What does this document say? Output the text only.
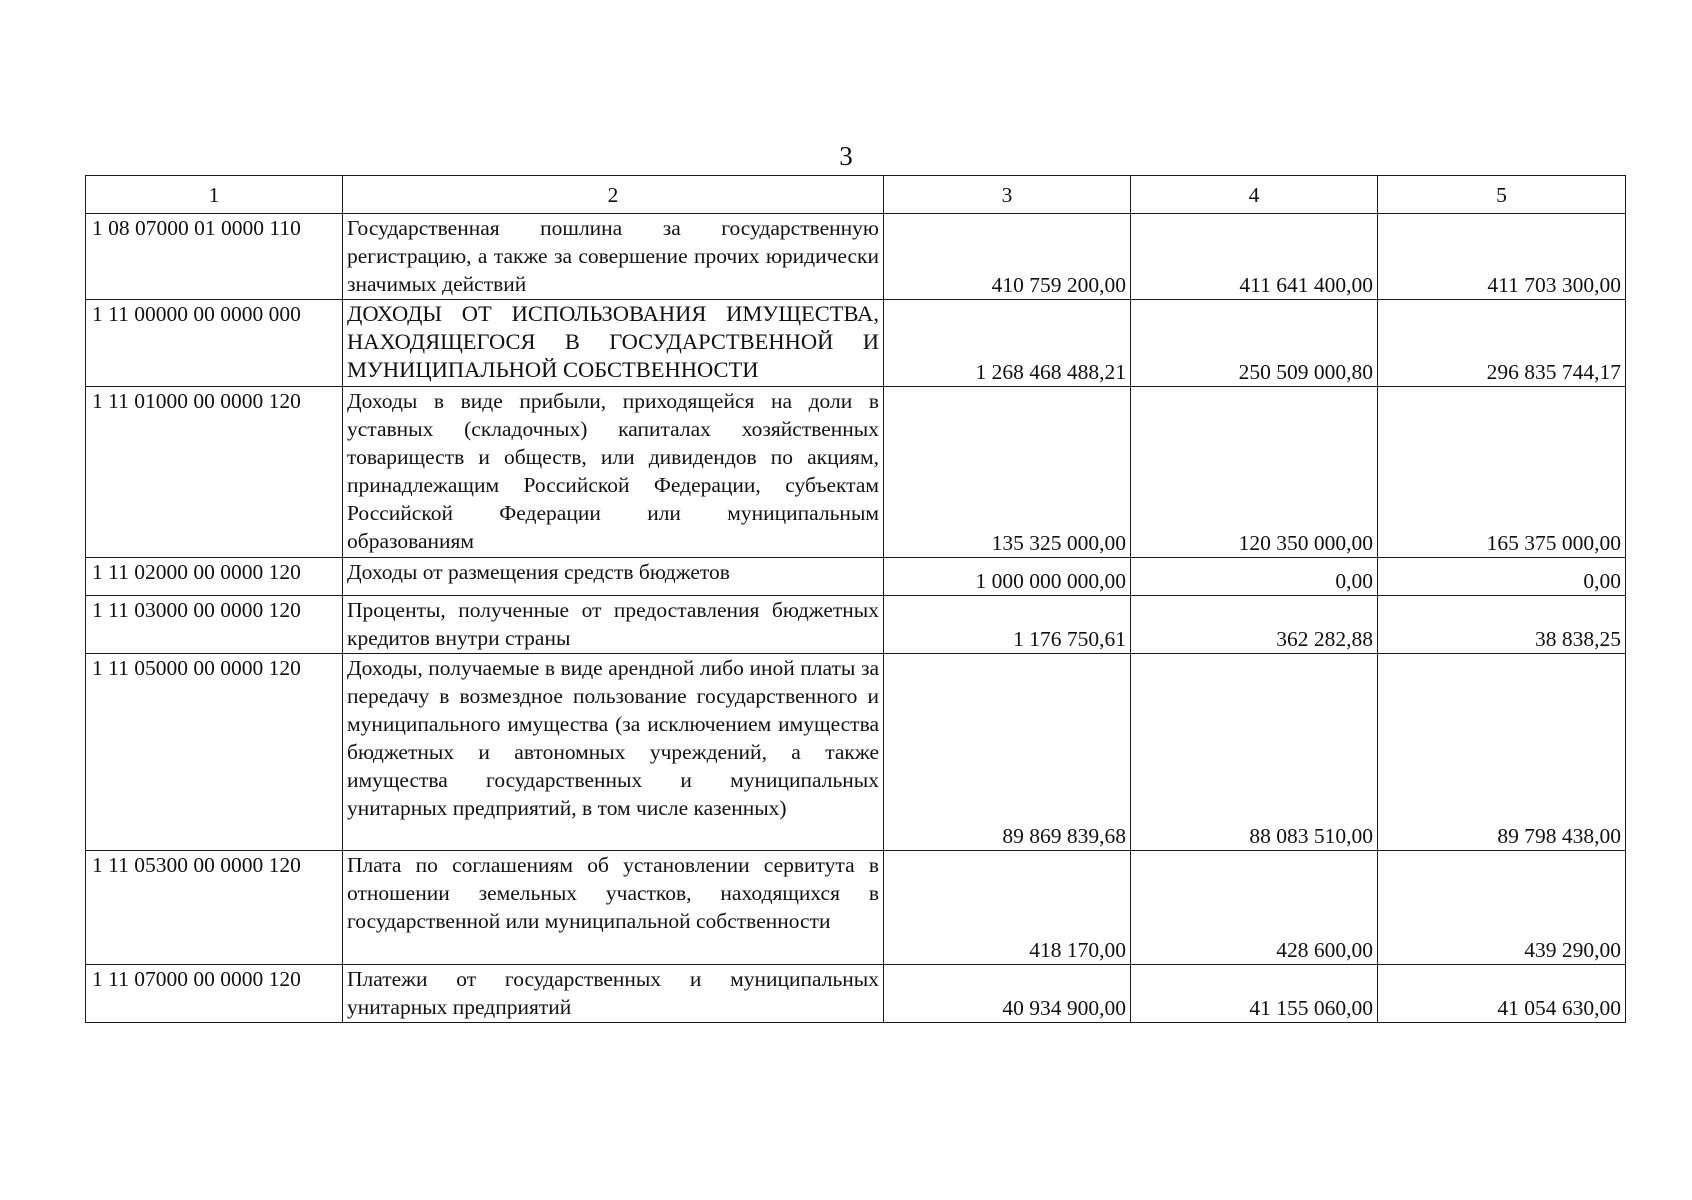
3
1	2	3	4	5
1 08 07000 01 0000 110	Государственная пошлина за государственную регистрацию, а также за совершение прочих юридически значимых действий	410 759 200,00	411 641 400,00	411 703 300,00
1 11 00000 00 0000 000	ДОХОДЫ ОТ ИСПОЛЬЗОВАНИЯ ИМУЩЕСТВА, НАХОДЯЩЕГОСЯ В ГОСУДАРСТВЕННОЙ И МУНИЦИПАЛЬНОЙ СОБСТВЕННОСТИ	1 268 468 488,21	250 509 000,80	296 835 744,17
1 11 01000 00 0000 120	Доходы в виде прибыли, приходящейся на доли в уставных (складочных) капиталах хозяйственных товариществ и обществ, или дивидендов по акциям, принадлежащим Российской Федерации, субъектам Российской Федерации или муниципальным образованиям	135 325 000,00	120 350 000,00	165 375 000,00
1 11 02000 00 0000 120	Доходы от размещения средств бюджетов	1 000 000 000,00	0,00	0,00
1 11 03000 00 0000 120	Проценты, полученные от предоставления бюджетных кредитов внутри страны	1 176 750,61	362 282,88	38 838,25
1 11 05000 00 0000 120	Доходы, получаемые в виде арендной либо иной платы за передачу в возмездное пользование государственного и муниципального имущества (за исключением имущества бюджетных и автономных учреждений, а также имущества государственных и муниципальных унитарных предприятий, в том числе казенных)	89 869 839,68	88 083 510,00	89 798 438,00
1 11 05300 00 0000 120	Плата по соглашениям об установлении сервитута в отношении земельных участков, находящихся в государственной или муниципальной собственности	418 170,00	428 600,00	439 290,00
1 11 07000 00 0000 120	Платежи от государственных и муниципальных унитарных предприятий	40 934 900,00	41 155 060,00	41 054 630,00
